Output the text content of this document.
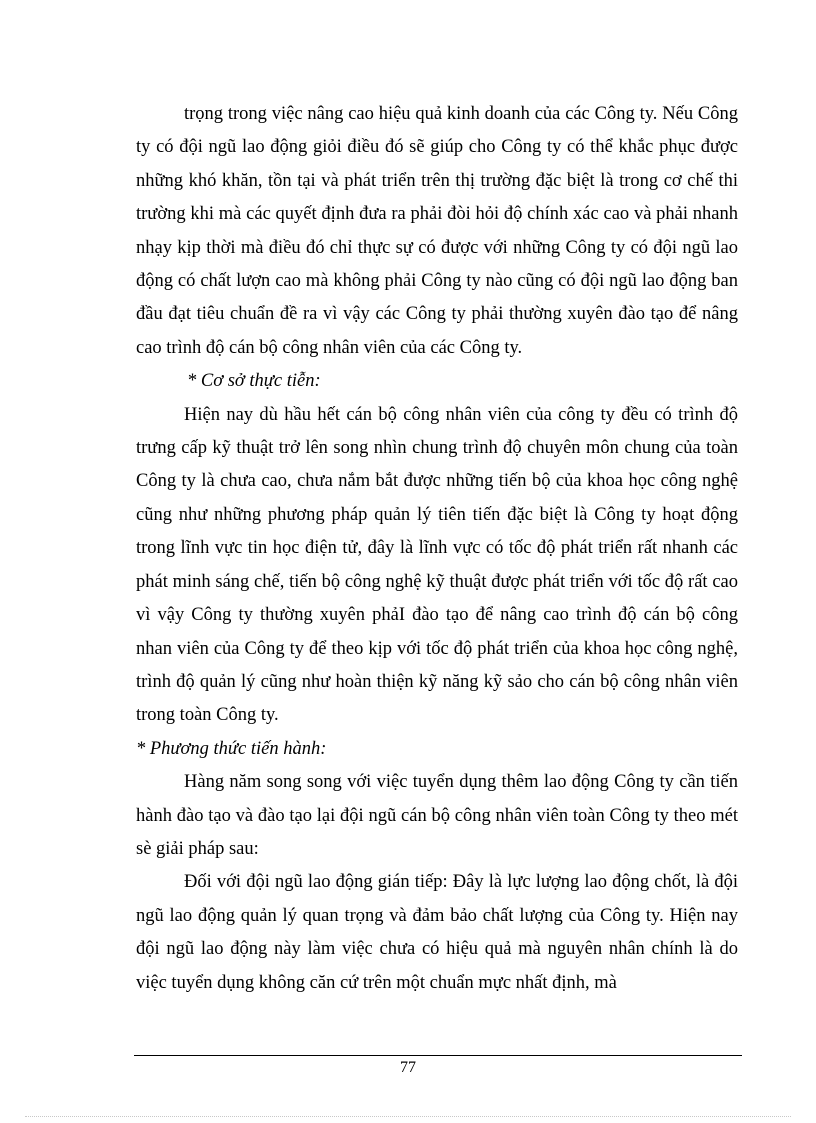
trọng trong việc nâng cao hiệu quả kinh doanh của các Công ty. Nếu Công ty có đội ngũ lao động giỏi điều đó sẽ giúp cho Công ty có thể khắc phục được những khó khăn, tồn tại và phát triển trên thị trường đặc biệt là trong cơ chế thi trường khi mà các quyết định đưa ra phải đòi hỏi độ chính xác cao và phải nhanh nhạy kịp thời mà điều đó chỉ thực sự có được với những Công ty có đội ngũ lao động có chất lượn cao mà không phải Công ty nào cũng có đội ngũ lao động ban đầu đạt tiêu chuẩn đề ra vì vậy các Công ty phải thường xuyên đào tạo để nâng cao trình độ cán bộ công nhân viên của các Công ty.

* Cơ sở thực tiễn:

Hiện nay dù hầu hết cán bộ công nhân viên của công ty đều có trình độ trưng cấp kỹ thuật trở lên song nhìn chung trình độ chuyên môn chung của toàn Công ty là chưa cao, chưa nắm bắt được những tiến bộ của khoa học công nghệ cũng như những phương pháp quản lý tiên tiến đặc biệt là Công ty hoạt động trong lĩnh vực tin học điện tử, đây là lĩnh vực có tốc độ phát triển rất nhanh các phát minh sáng chế, tiến bộ công nghệ kỹ thuật được phát triển với tốc độ rất cao vì vậy Công ty thường xuyên phảI đào tạo để nâng cao trình độ cán bộ công nhan viên của Công ty để theo kịp với tốc độ phát triển của khoa học công nghệ, trình độ quản lý cũng như hoàn thiện kỹ năng kỹ sảo cho cán bộ công nhân viên trong toàn Công ty.

* Phương thức tiến hành:

Hàng năm song song với việc tuyển dụng thêm lao động Công ty cần tiến hành đào tạo và đào tạo lại đội ngũ cán bộ công nhân viên toàn Công ty theo mét sè giải pháp sau:

Đối với đội ngũ lao động gián tiếp: Đây là lực lượng lao động chốt, là đội ngũ lao động quản lý quan trọng và đảm bảo chất lượng của Công ty. Hiện nay đội ngũ lao động này làm việc chưa có hiệu quả mà nguyên nhân chính là do việc tuyển dụng không căn cứ trên một chuẩn mực nhất định, mà

77
